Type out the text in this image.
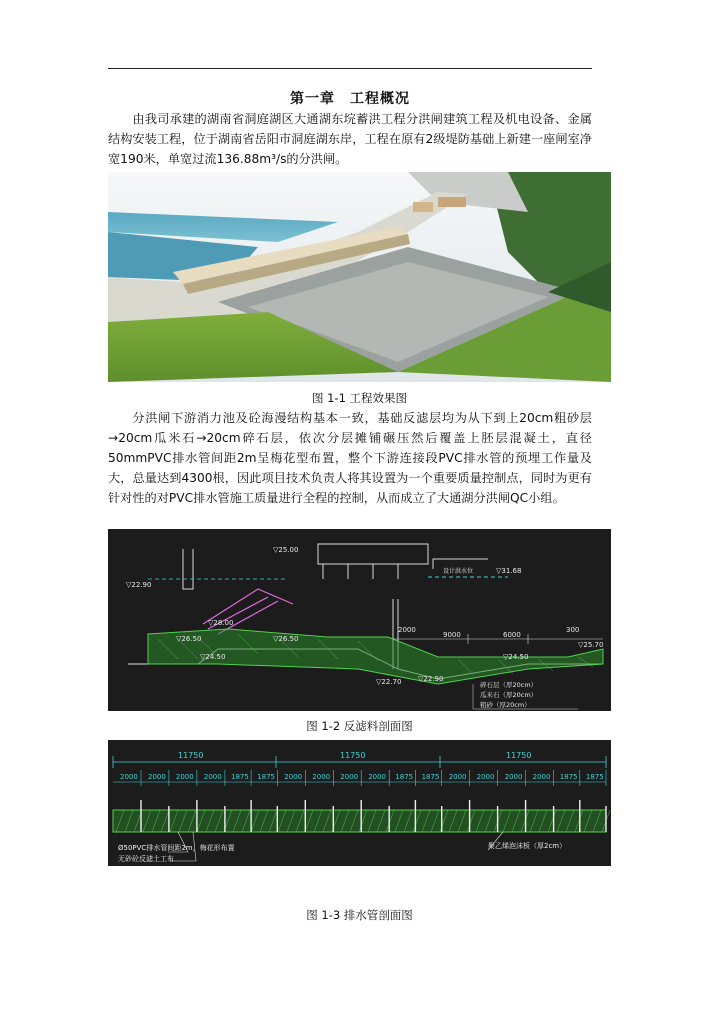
第一章　工程概况

由我司承建的湖南省洞庭湖区大通湖东垸蓄洪工程分洪闸建筑工程及机电设备、金属结构安装工程，位于湖南省岳阳市洞庭湖东岸，工程在原有2级堤防基础上新建一座闸室净宽190米，单宽过流136.88m³/s的分洪闸。

图 1-1 工程效果图

分洪闸下游消力池及砼海漫结构基本一致，基础反滤层均为从下到上20cm粗砂层→20cm瓜米石→20cm碎石层，依次分层摊铺碾压然后覆盖上胚层混凝土，直径50mmPVC排水管间距2m呈梅花型布置，整个下游连接段PVC排水管的预埋工作量及大，总量达到4300根，因此项目技术负责人将其设置为一个重要质量控制点，同时为更有针对性的对PVC排水管施工质量进行全程的控制，从而成立了大通湖分洪闸QC小组。

▽25.00
▽22.90
▽31.68
设计洪水位
▽28.00
▽26.50	▽26.50
▽24.50	▽24.50
▽25.70
▽22.70 ▽22.90
2000
9000	6000
300
碎石层（厚20cm）
瓜米石（厚20cm）
粗砂（厚20cm）
图 1-2 反滤料剖面图
11750	11750	11750
2000 2000 2000 2000 1875 1875 2000 2000 2000 2000 1875 1875 2000 2000 2000 2000 1875 1875
Ø50PVC排水管间距2m，梅花形布置
无砂砼反滤土工布
聚乙烯泡沫板（厚2cm）
图 1-3 排水管剖面图
